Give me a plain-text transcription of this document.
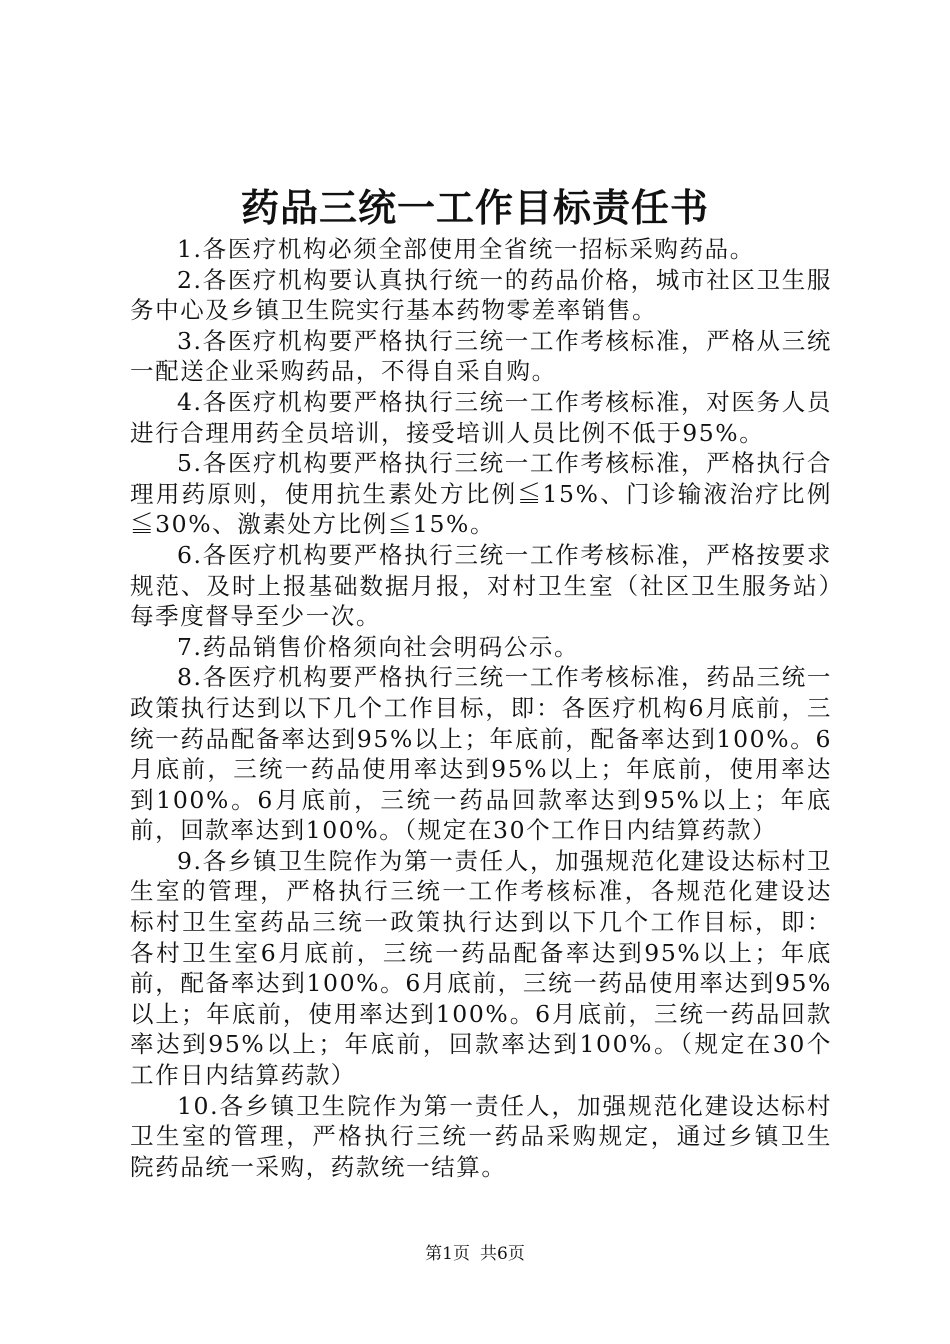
药品三统一工作目标责任书

1.各医疗机构必须全部使用全省统一招标采购药品。

2.各医疗机构要认真执行统一的药品价格，城市社区卫生服务中心及乡镇卫生院实行基本药物零差率销售。

3.各医疗机构要严格执行三统一工作考核标准，严格从三统一配送企业采购药品，不得自采自购。

4.各医疗机构要严格执行三统一工作考核标准，对医务人员进行合理用药全员培训，接受培训人员比例不低于95%。

5.各医疗机构要严格执行三统一工作考核标准，严格执行合理用药原则，使用抗生素处方比例≦15%、门诊输液治疗比例≦30%、激素处方比例≦15%。

6.各医疗机构要严格执行三统一工作考核标准，严格按要求规范、及时上报基础数据月报，对村卫生室（社区卫生服务站）每季度督导至少一次。

7.药品销售价格须向社会明码公示。

8.各医疗机构要严格执行三统一工作考核标准，药品三统一政策执行达到以下几个工作目标，即：各医疗机构6月底前，三统一药品配备率达到95%以上；年底前，配备率达到100%。6月底前，三统一药品使用率达到95%以上；年底前，使用率达到100%。6月底前，三统一药品回款率达到95%以上；年底前，回款率达到100%。（规定在30个工作日内结算药款）

9.各乡镇卫生院作为第一责任人，加强规范化建设达标村卫生室的管理，严格执行三统一工作考核标准，各规范化建设达标村卫生室药品三统一政策执行达到以下几个工作目标，即：各村卫生室6月底前，三统一药品配备率达到95%以上；年底前，配备率达到100%。6月底前，三统一药品使用率达到95%以上；年底前，使用率达到100%。6月底前，三统一药品回款率达到95%以上；年底前，回款率达到100%。（规定在30个工作日内结算药款）

10.各乡镇卫生院作为第一责任人，加强规范化建设达标村卫生室的管理，严格执行三统一药品采购规定，通过乡镇卫生院药品统一采购，药款统一结算。

第1页 共6页
